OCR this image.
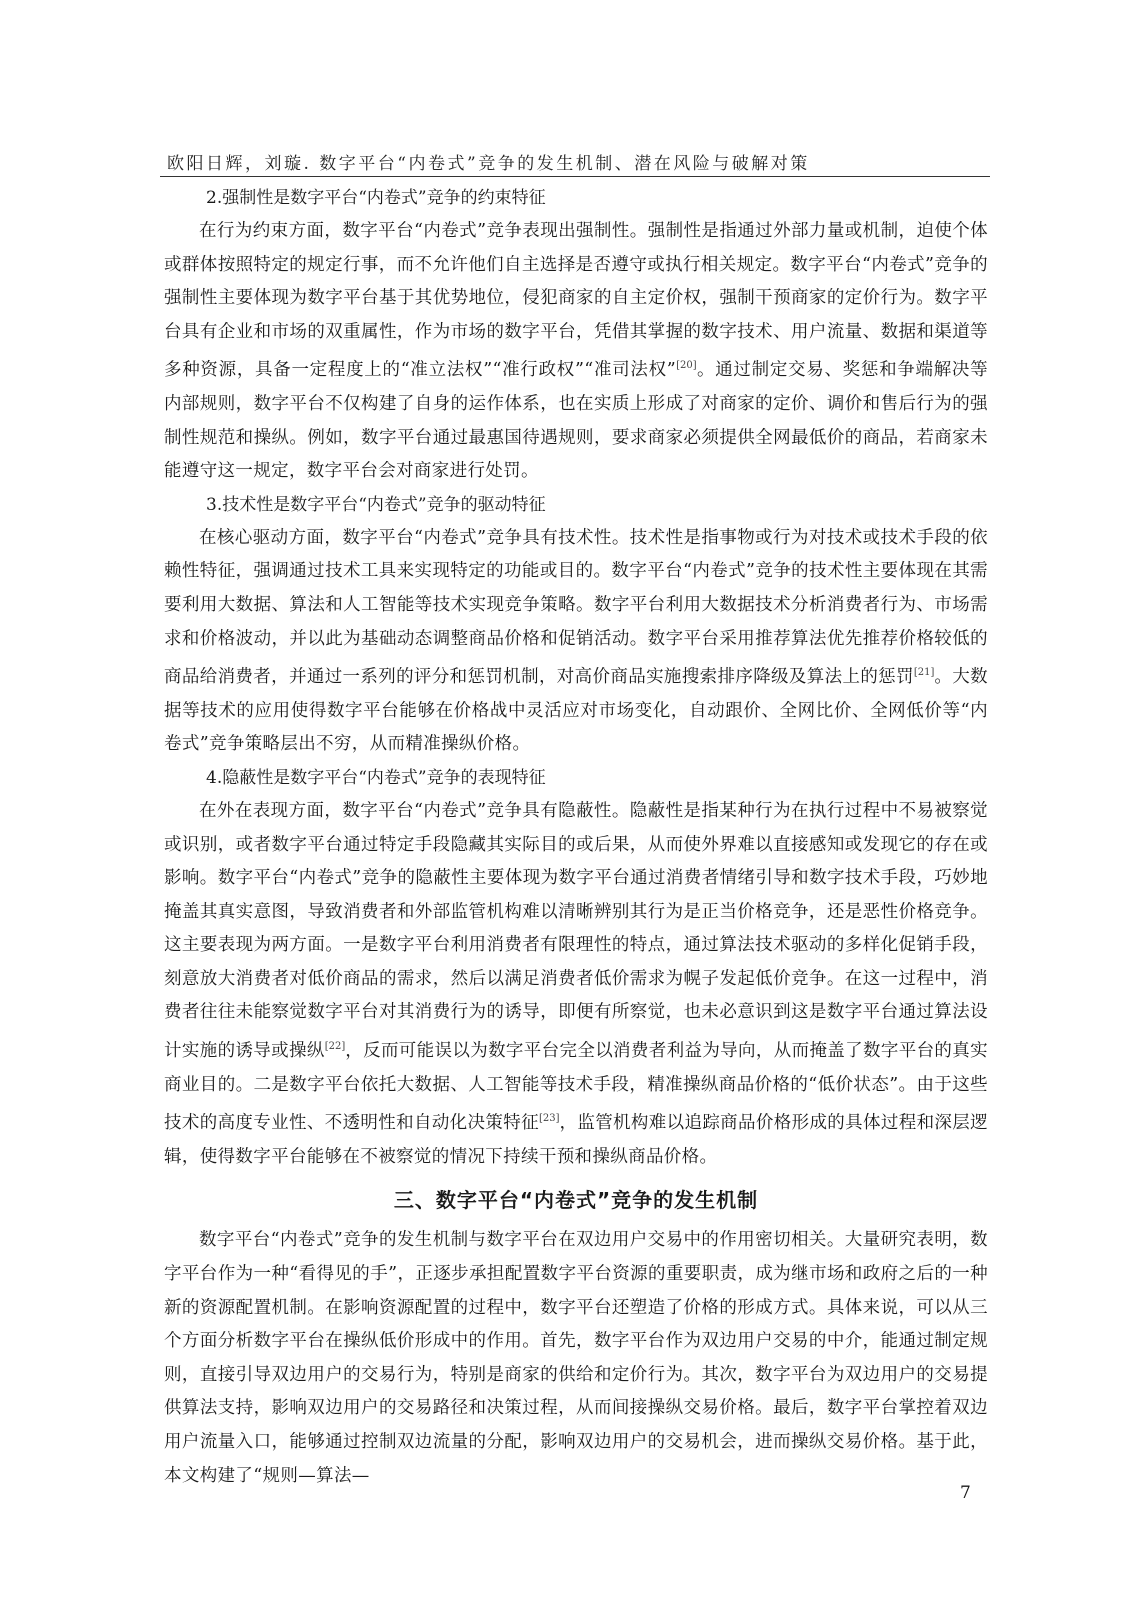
欧阳日辉，刘璇. 数字平台“内卷式”竞争的发生机制、潜在风险与破解对策
2.强制性是数字平台“内卷式”竞争的约束特征

在行为约束方面，数字平台“内卷式”竞争表现出强制性。强制性是指通过外部力量或机制，迫使个体或群体按照特定的规定行事，而不允许他们自主选择是否遵守或执行相关规定。数字平台“内卷式”竞争的强制性主要体现为数字平台基于其优势地位，侵犯商家的自主定价权，强制干预商家的定价行为。数字平台具有企业和市场的双重属性，作为市场的数字平台，凭借其掌握的数字技术、用户流量、数据和渠道等多种资源，具备一定程度上的“准立法权”“准行政权”“准司法权”[20]。通过制定交易、奖惩和争端解决等内部规则，数字平台不仅构建了自身的运作体系，也在实质上形成了对商家的定价、调价和售后行为的强制性规范和操纵。例如，数字平台通过最惠国待遇规则，要求商家必须提供全网最低价的商品，若商家未能遵守这一规定，数字平台会对商家进行处罚。

3.技术性是数字平台“内卷式”竞争的驱动特征

在核心驱动方面，数字平台“内卷式”竞争具有技术性。技术性是指事物或行为对技术或技术手段的依赖性特征，强调通过技术工具来实现特定的功能或目的。数字平台“内卷式”竞争的技术性主要体现在其需要利用大数据、算法和人工智能等技术实现竞争策略。数字平台利用大数据技术分析消费者行为、市场需求和价格波动，并以此为基础动态调整商品价格和促销活动。数字平台采用推荐算法优先推荐价格较低的商品给消费者，并通过一系列的评分和惩罚机制，对高价商品实施搜索排序降级及算法上的惩罚[21]。大数据等技术的应用使得数字平台能够在价格战中灵活应对市场变化，自动跟价、全网比价、全网低价等“内卷式”竞争策略层出不穷，从而精准操纵价格。

4.隐蔽性是数字平台“内卷式”竞争的表现特征

在外在表现方面，数字平台“内卷式”竞争具有隐蔽性。隐蔽性是指某种行为在执行过程中不易被察觉或识别，或者数字平台通过特定手段隐藏其实际目的或后果，从而使外界难以直接感知或发现它的存在或影响。数字平台“内卷式”竞争的隐蔽性主要体现为数字平台通过消费者情绪引导和数字技术手段，巧妙地掩盖其真实意图，导致消费者和外部监管机构难以清晰辨别其行为是正当价格竞争，还是恶性价格竞争。这主要表现为两方面。一是数字平台利用消费者有限理性的特点，通过算法技术驱动的多样化促销手段，刻意放大消费者对低价商品的需求，然后以满足消费者低价需求为幌子发起低价竞争。在这一过程中，消费者往往未能察觉数字平台对其消费行为的诱导，即便有所察觉，也未必意识到这是数字平台通过算法设计实施的诱导或操纵[22]，反而可能误以为数字平台完全以消费者利益为导向，从而掩盖了数字平台的真实商业目的。二是数字平台依托大数据、人工智能等技术手段，精准操纵商品价格的“低价状态”。由于这些技术的高度专业性、不透明性和自动化决策特征[23]，监管机构难以追踪商品价格形成的具体过程和深层逻辑，使得数字平台能够在不被察觉的情况下持续干预和操纵商品价格。

三、数字平台“内卷式”竞争的发生机制

数字平台“内卷式”竞争的发生机制与数字平台在双边用户交易中的作用密切相关。大量研究表明，数字平台作为一种“看得见的手”，正逐步承担配置数字平台资源的重要职责，成为继市场和政府之后的一种新的资源配置机制。在影响资源配置的过程中，数字平台还塑造了价格的形成方式。具体来说，可以从三个方面分析数字平台在操纵低价形成中的作用。首先，数字平台作为双边用户交易的中介，能通过制定规则，直接引导双边用户的交易行为，特别是商家的供给和定价行为。其次，数字平台为双边用户的交易提供算法支持，影响双边用户的交易路径和决策过程，从而间接操纵交易价格。最后，数字平台掌控着双边用户流量入口，能够通过控制双边流量的分配，影响双边用户的交易机会，进而操纵交易价格。基于此，本文构建了“规则—算法—

7
